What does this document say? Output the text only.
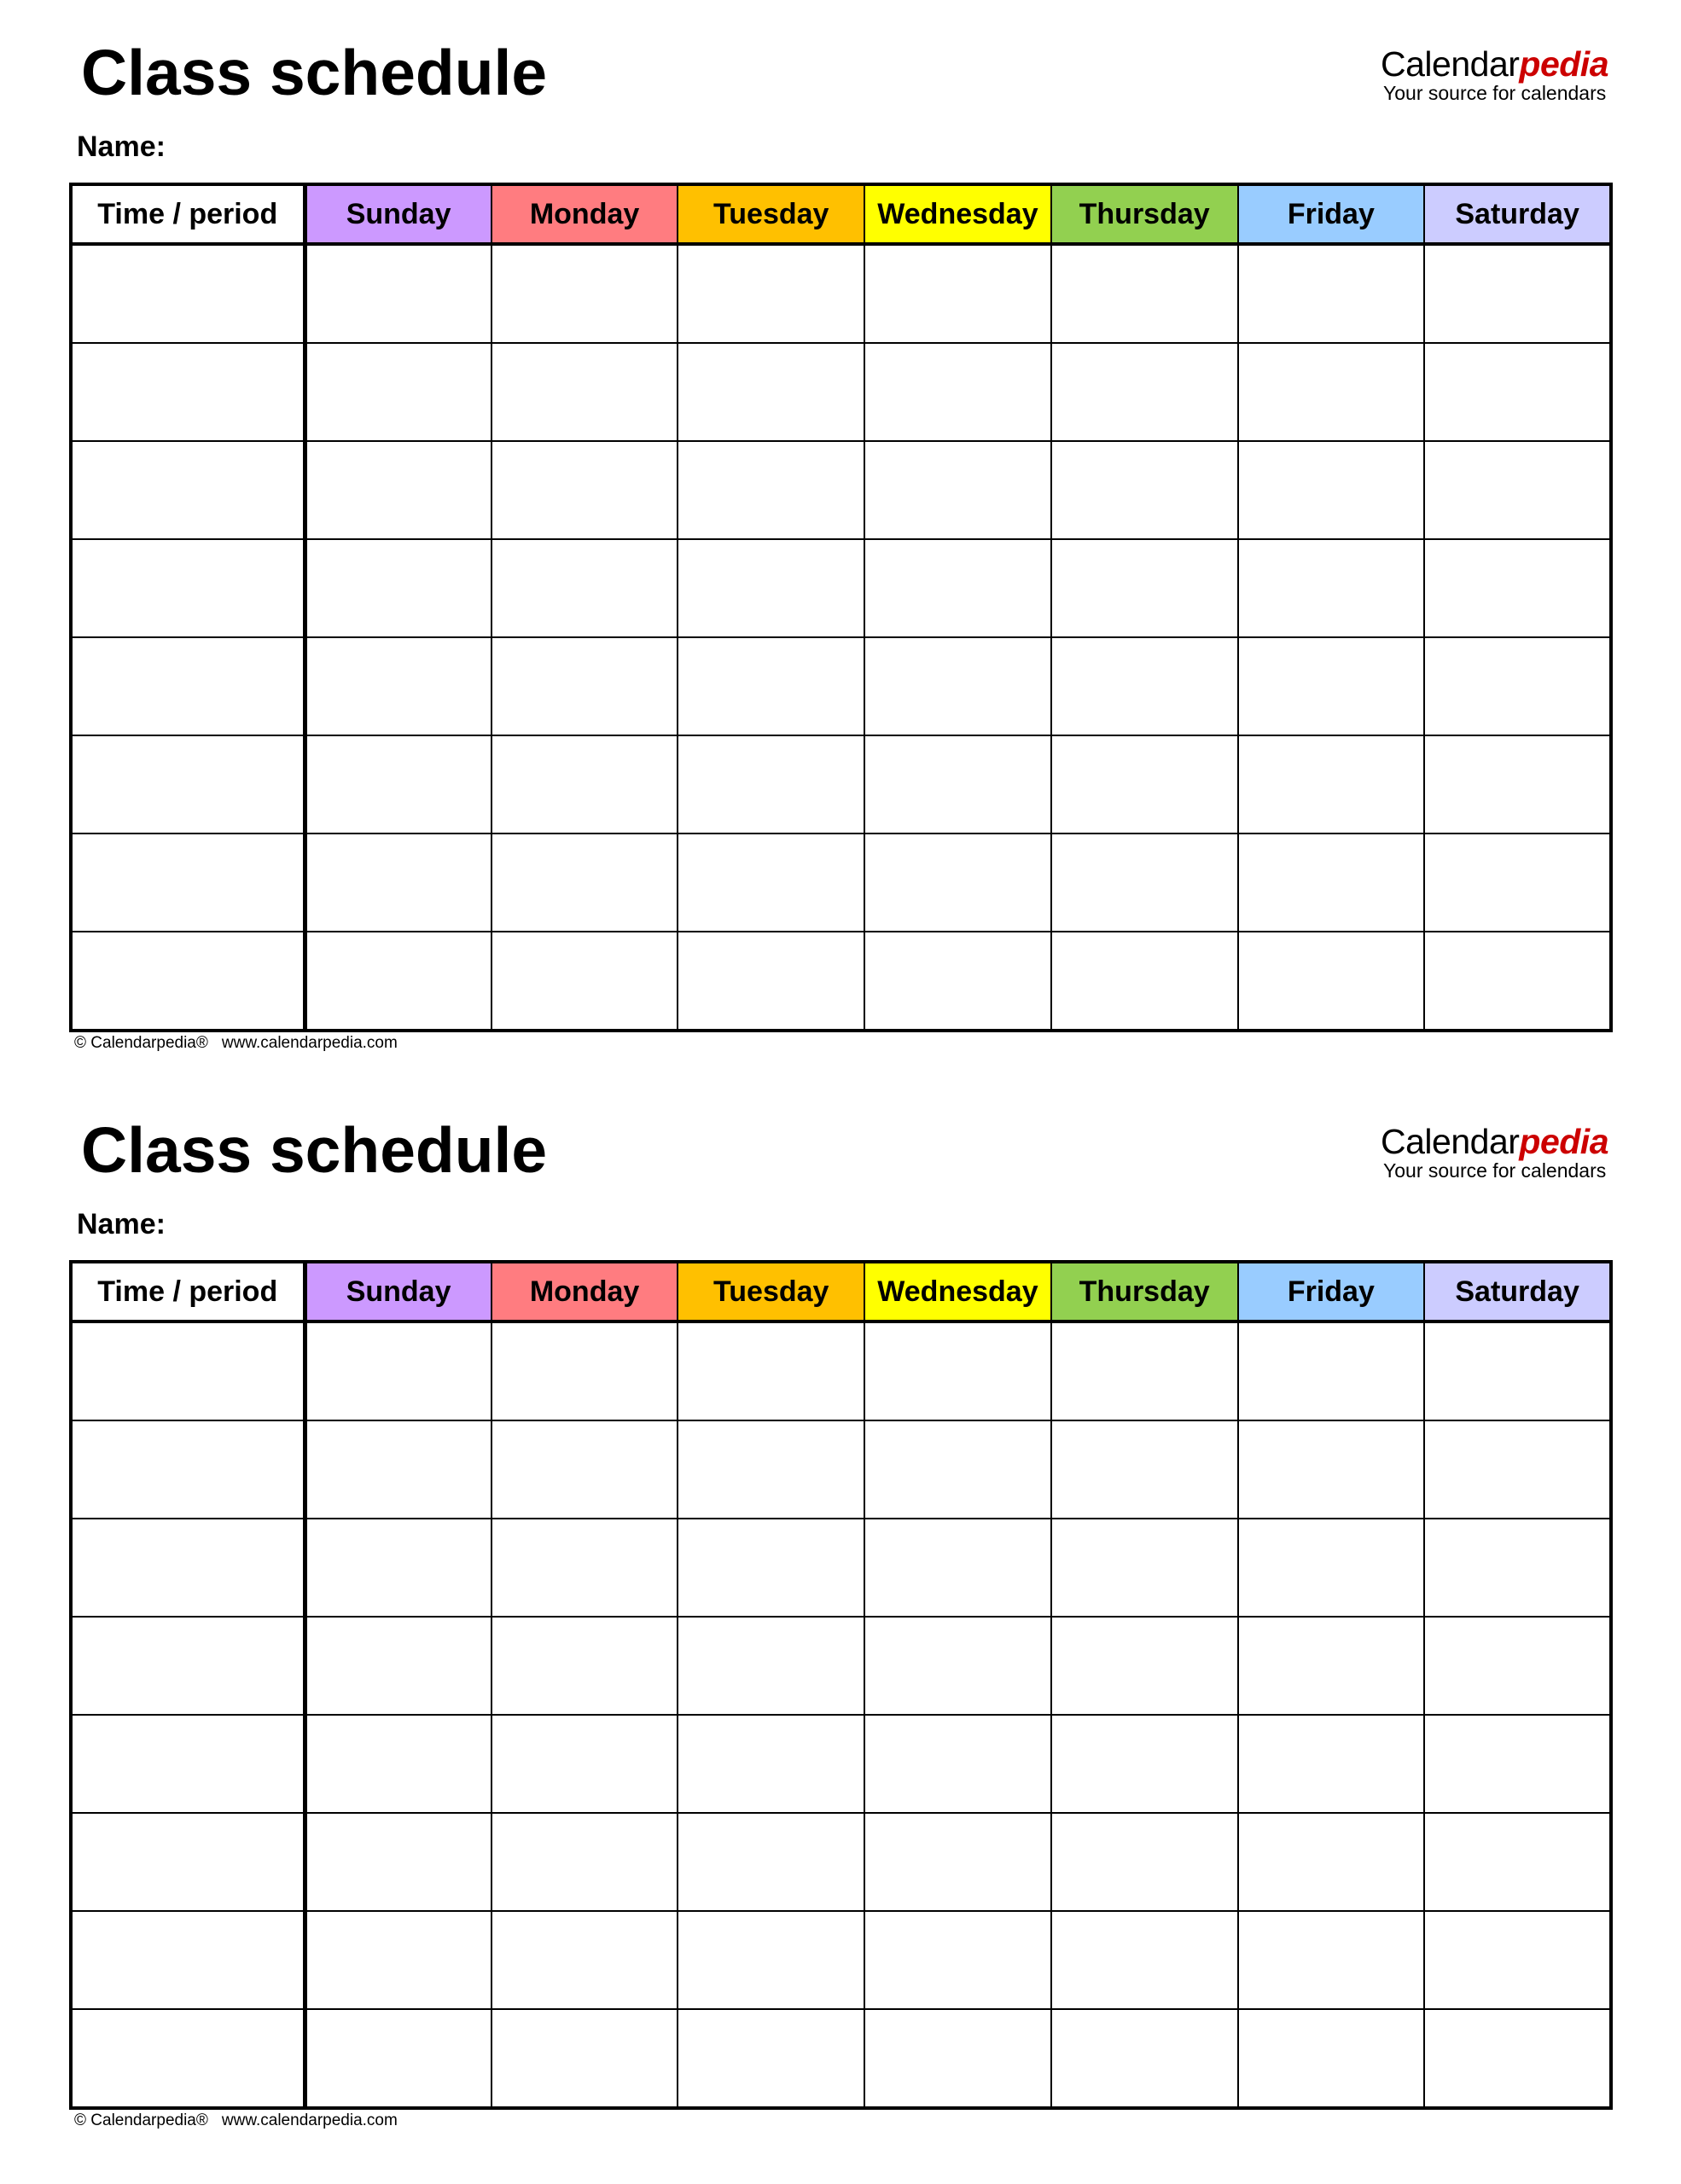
Class schedule
Name:
Calendarpedia
Your source for calendars
Time / period	Sunday	Monday	Tuesday	Wednesday	Thursday	Friday	Saturday

© Calendarpedia® www.calendarpedia.com
Class schedule
Name:
Calendarpedia
Your source for calendars
Time / period	Sunday	Monday	Tuesday	Wednesday	Thursday	Friday	Saturday

© Calendarpedia® www.calendarpedia.com
